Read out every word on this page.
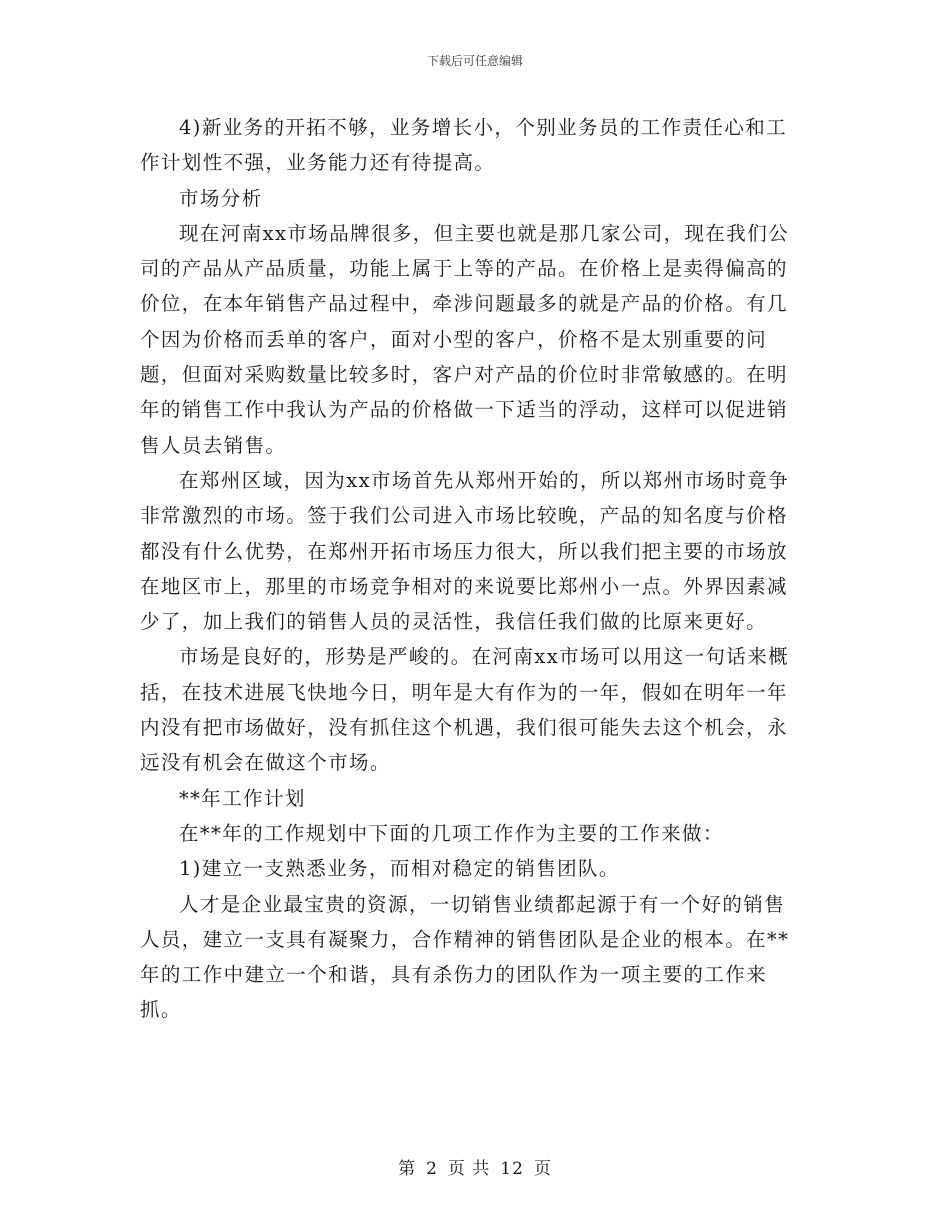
下载后可任意编辑

4)新业务的开拓不够，业务增长小，个别业务员的工作责任心和工作计划性不强，业务能力还有待提高。

市场分析

现在河南xx市场品牌很多，但主要也就是那几家公司，现在我们公司的产品从产品质量，功能上属于上等的产品。在价格上是卖得偏高的价位，在本年销售产品过程中，牵涉问题最多的就是产品的价格。有几个因为价格而丢单的客户，面对小型的客户，价格不是太别重要的问题，但面对采购数量比较多时，客户对产品的价位时非常敏感的。在明年的销售工作中我认为产品的价格做一下适当的浮动，这样可以促进销售人员去销售。

在郑州区域，因为xx市场首先从郑州开始的，所以郑州市场时竟争非常激烈的市场。签于我们公司进入市场比较晚，产品的知名度与价格都没有什么优势，在郑州开拓市场压力很大，所以我们把主要的市场放在地区市上，那里的市场竞争相对的来说要比郑州小一点。外界因素减少了，加上我们的销售人员的灵活性，我信任我们做的比原来更好。

市场是良好的，形势是严峻的。在河南xx市场可以用这一句话来概括，在技术进展飞快地今日，明年是大有作为的一年，假如在明年一年内没有把市场做好，没有抓住这个机遇，我们很可能失去这个机会，永远没有机会在做这个市场。

**年工作计划

在**年的工作规划中下面的几项工作作为主要的工作来做：

1)建立一支熟悉业务，而相对稳定的销售团队。

人才是企业最宝贵的资源，一切销售业绩都起源于有一个好的销售人员，建立一支具有凝聚力，合作精神的销售团队是企业的根本。在**年的工作中建立一个和谐，具有杀伤力的团队作为一项主要的工作来抓。

第 2 页 共 12 页
